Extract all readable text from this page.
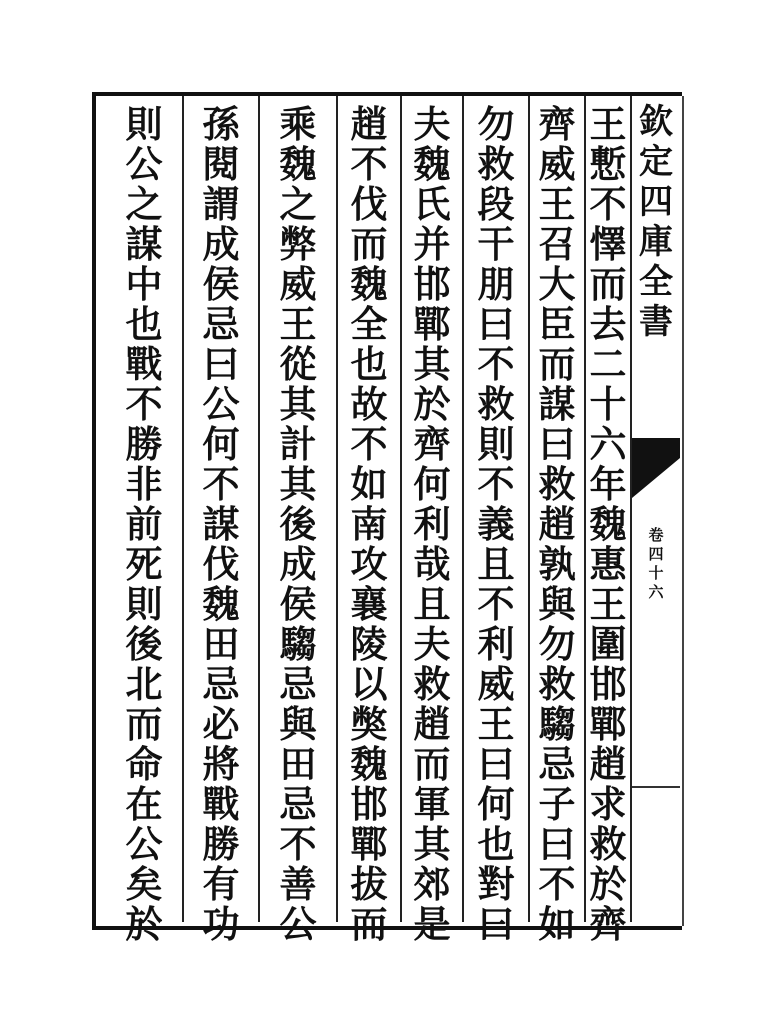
欽
定
四
庫
全
書
卷
四
十
六
王
慙
不
懌
而
去
二
十
六
年
魏
惠
王
圍
邯
鄲
趙
求
救
於
齊
齊
威
王
召
大
臣
而
謀
曰
救
趙
孰
與
勿
救
騶
忌
子
曰
不
如
勿
救
段
干
朋
曰
不
救
則
不
義
且
不
利
威
王
曰
何
也
對
曰
夫
魏
氏
并
邯
鄲
其
於
齊
何
利
哉
且
夫
救
趙
而
軍
其
郊
是
趙
不
伐
而
魏
全
也
故
不
如
南
攻
襄
陵
以
獘
魏
邯
鄲
拔
而
乘
魏
之
弊
威
王
從
其
計
其
後
成
侯
騶
忌
與
田
忌
不
善
公
孫
閱
謂
成
侯
忌
曰
公
何
不
謀
伐
魏
田
忌
必
將
戰
勝
有
功
則
公
之
謀
中
也
戰
不
勝
非
前
死
則
後
北
而
命
在
公
矣
於
